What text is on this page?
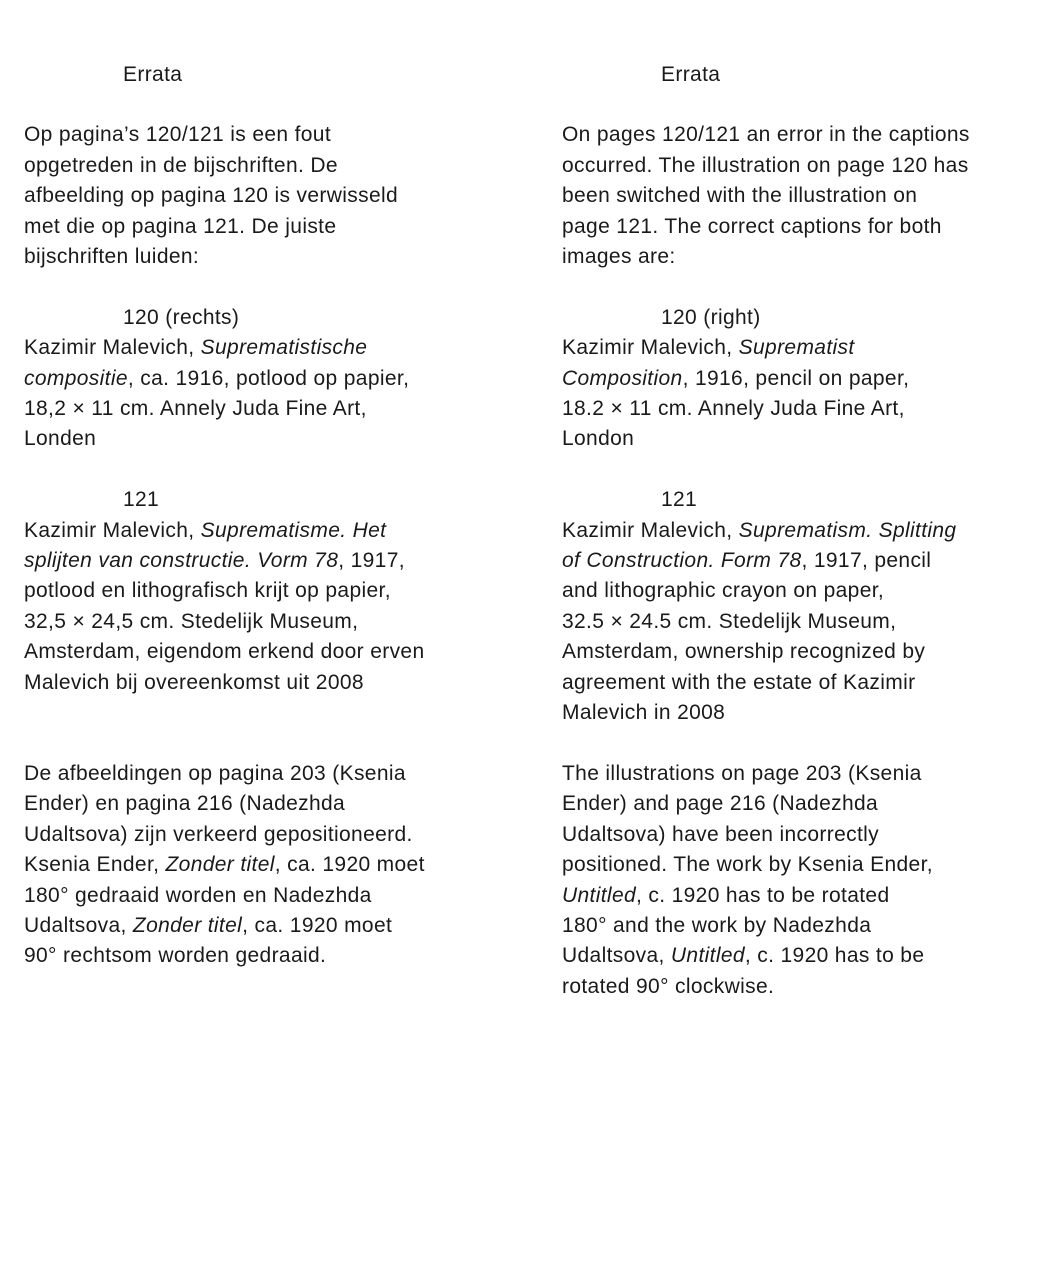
Errata

Op pagina’s 120/121 is een fout

opgetreden in de bijschriften. De

afbeelding op pagina 120 is verwisseld

met die op pagina 121. De juiste

bijschriften luiden:

120 (rechts)

Kazimir Malevich, Suprematistische

compositie, ca. 1916, potlood op papier,

18,2 × 11 cm. Annely Juda Fine Art,

Londen

121

Kazimir Malevich, Suprematisme. Het

splijten van constructie. Vorm 78, 1917,

potlood en lithografisch krijt op papier,

32,5 × 24,5 cm. Stedelijk Museum,

Amsterdam, eigendom erkend door erven

Malevich bij overeenkomst uit 2008

De afbeeldingen op pagina 203 (Ksenia

Ender) en pagina 216 (Nadezhda

Udaltsova) zijn verkeerd gepositioneerd.

Ksenia Ender, Zonder titel, ca. 1920 moet

180° gedraaid worden en Nadezhda

Udaltsova, Zonder titel, ca. 1920 moet

90° rechtsom worden gedraaid.

Errata

On pages 120/121 an error in the captions

occurred. The illustration on page 120 has

been switched with the illustration on

page 121. The correct captions for both

images are:

120 (right)

Kazimir Malevich, Suprematist

Composition, 1916, pencil on paper,

18.2 × 11 cm. Annely Juda Fine Art,

London

121

Kazimir Malevich, Suprematism. Splitting

of Construction. Form 78, 1917, pencil

and lithographic crayon on paper,

32.5 × 24.5 cm. Stedelijk Museum,

Amsterdam, ownership recognized by

agreement with the estate of Kazimir

Malevich in 2008

The illustrations on page 203 (Ksenia

Ender) and page 216 (Nadezhda

Udaltsova) have been incorrectly

positioned. The work by Ksenia Ender,

Untitled, c. 1920 has to be rotated

180° and the work by Nadezhda

Udaltsova, Untitled, c. 1920 has to be

rotated 90° clockwise.
